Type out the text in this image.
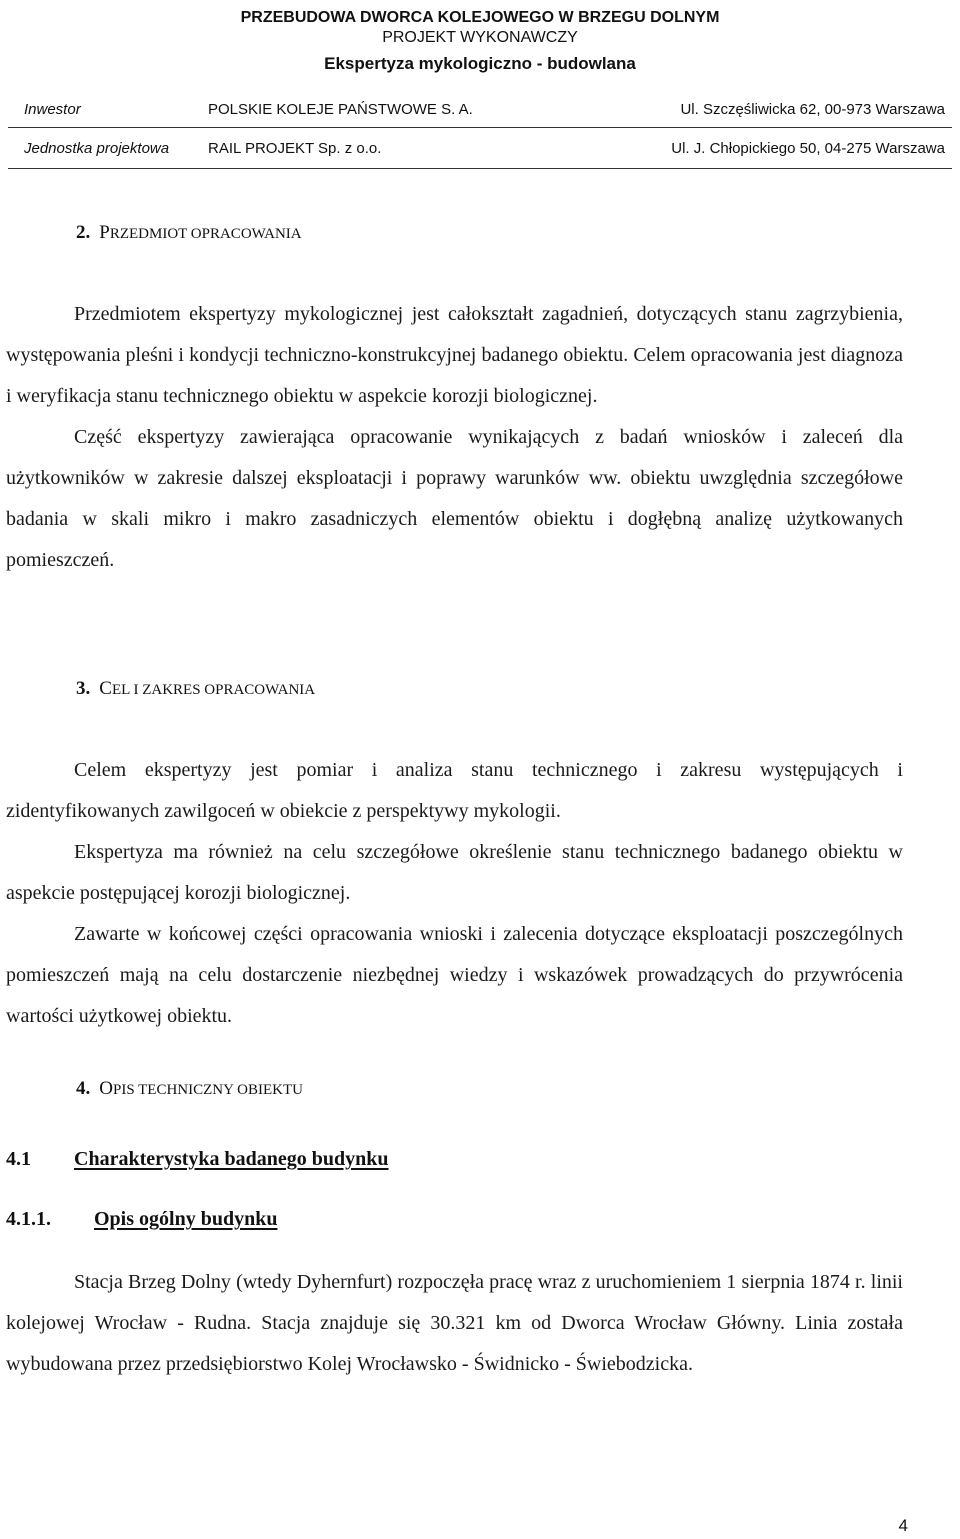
PRZEBUDOWA DWORCA KOLEJOWEGO W BRZEGU DOLNYM
PROJEKT WYKONAWCZY
Ekspertyza mykologiczno - budowlana
Inwestor	POLSKIE KOLEJE PAŃSTWOWE S. A.	Ul. Szczęśliwicka 62, 00-973 Warszawa
Jednostka projektowa	RAIL PROJEKT Sp. z o.o.	Ul. J. Chłopickiego 50, 04-275 Warszawa
2. PRZEDMIOT OPRACOWANIA

Przedmiotem ekspertyzy mykologicznej jest całokształt zagadnień, dotyczących stanu zagrzybienia, występowania pleśni i kondycji techniczno-konstrukcyjnej badanego obiektu. Celem opracowania jest diagnoza i weryfikacja stanu technicznego obiektu w aspekcie korozji biologicznej.

Część ekspertyzy zawierająca opracowanie wynikających z badań wniosków i zaleceń dla użytkowników w zakresie dalszej eksploatacji i poprawy warunków ww. obiektu uwzględnia szczegółowe badania w skali mikro i makro zasadniczych elementów obiektu i dogłębną analizę użytkowanych pomieszczeń.

3. CEL I ZAKRES OPRACOWANIA

Celem ekspertyzy jest pomiar i analiza stanu technicznego i zakresu występujących i zidentyfikowanych zawilgoceń w obiekcie z perspektywy mykologii.

Ekspertyza ma również na celu szczegółowe określenie stanu technicznego badanego obiektu w aspekcie postępującej korozji biologicznej.

Zawarte w końcowej części opracowania wnioski i zalecenia dotyczące eksploatacji poszczególnych pomieszczeń mają na celu dostarczenie niezbędnej wiedzy i wskazówek prowadzących do przywrócenia wartości użytkowej obiektu.

4. OPIS TECHNICZNY OBIEKTU
4.1 Charakterystyka badanego budynku
4.1.1. Opis ogólny budynku

Stacja Brzeg Dolny (wtedy Dyhernfurt) rozpoczęła pracę wraz z uruchomieniem 1 sierpnia 1874 r. linii kolejowej Wrocław - Rudna. Stacja znajduje się 30.321 km od Dworca Wrocław Główny. Linia została wybudowana przez przedsiębiorstwo Kolej Wrocławsko - Świdnicko - Świebodzicka.

4
